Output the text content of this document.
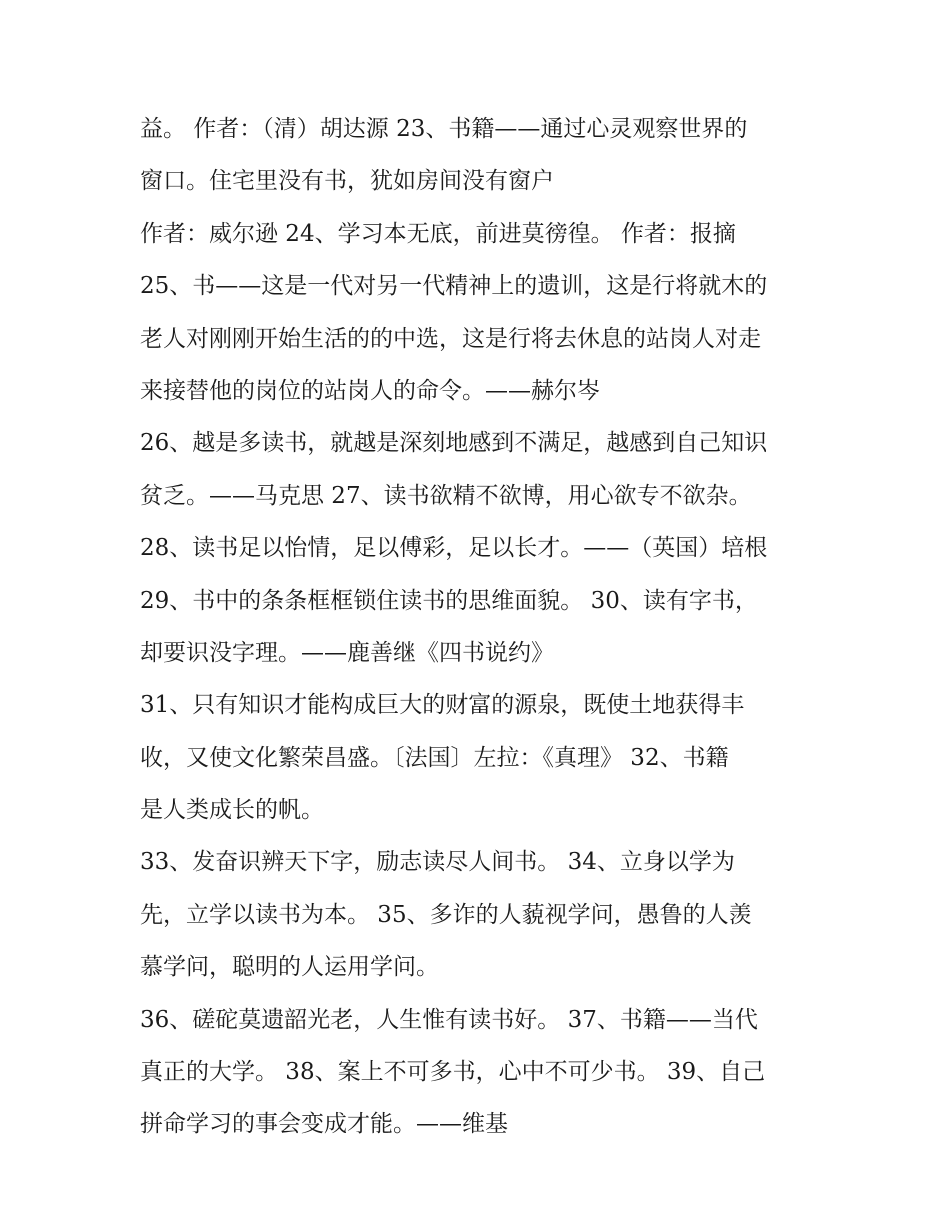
益。 作者：（清）胡达源 23、书籍——通过心灵观察世界的
窗口。住宅里没有书，犹如房间没有窗户
作者：威尔逊 24、学习本无底，前进莫徬徨。 作者：报摘
25、书——这是一代对另一代精神上的遗训，这是行将就木的
老人对刚刚开始生活的的中选，这是行将去休息的站岗人对走
来接替他的岗位的站岗人的命令。——赫尔岑
26、越是多读书，就越是深刻地感到不满足，越感到自己知识
贫乏。——马克思 27、读书欲精不欲博，用心欲专不欲杂。
28、读书足以怡情，足以傅彩，足以长才。——（英国）培根
29、书中的条条框框锁住读书的思维面貌。 30、读有字书，
却要识没字理。——鹿善继《四书说约》
31、只有知识才能构成巨大的财富的源泉，既使土地获得丰
收，又使文化繁荣昌盛。〔法国〕左拉：《真理》 32、书籍
是人类成长的帆。
33、发奋识辨天下字，励志读尽人间书。 34、立身以学为
先，立学以读书为本。 35、多诈的人藐视学问，愚鲁的人羡
慕学问，聪明的人运用学问。
36、磋砣莫遗韶光老，人生惟有读书好。 37、书籍——当代
真正的大学。 38、案上不可多书，心中不可少书。 39、自己
拼命学习的事会变成才能。——维基
